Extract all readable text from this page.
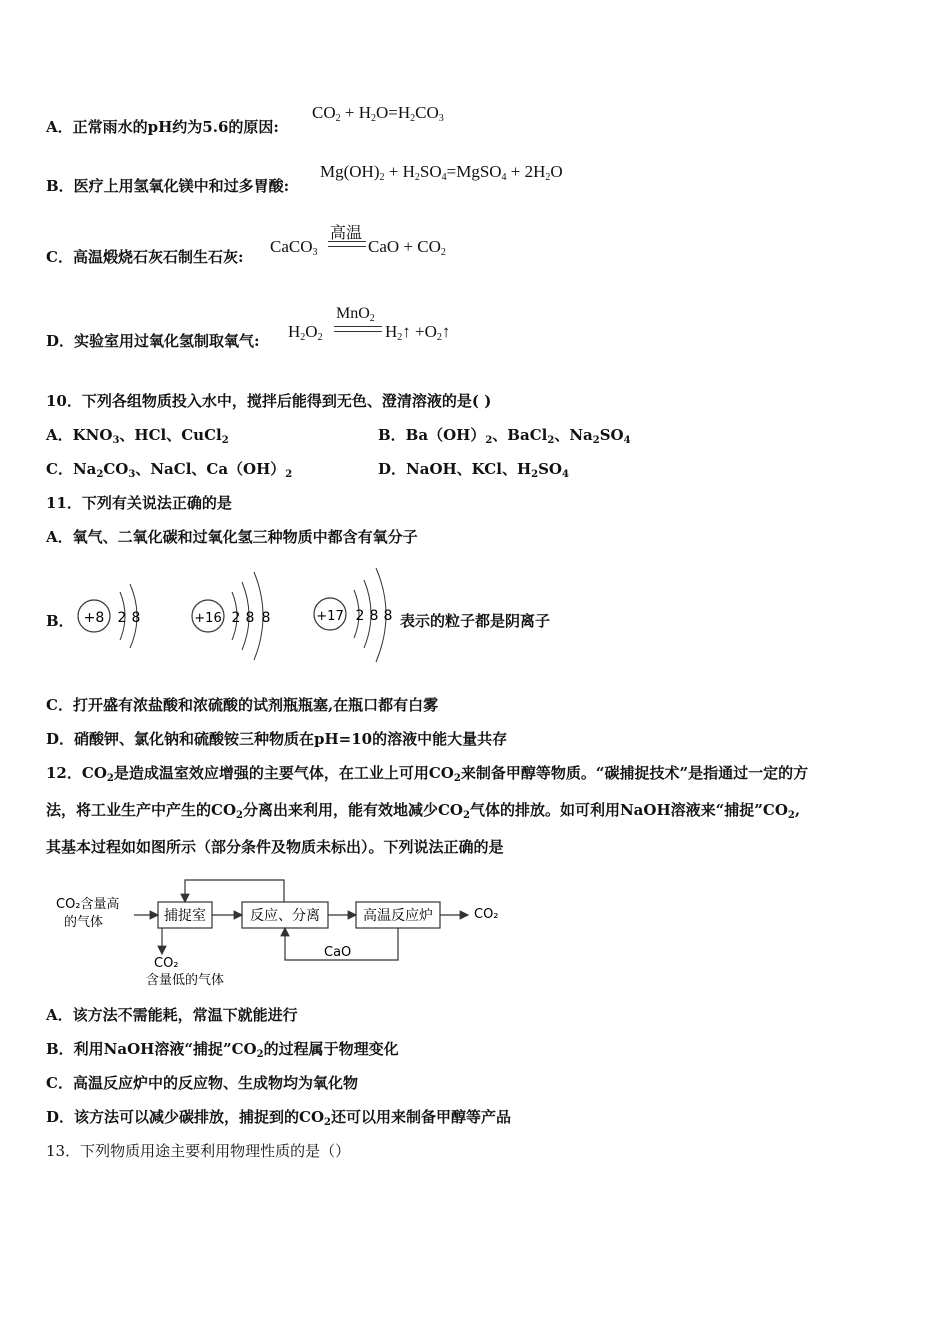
A．正常雨水的pH约为5.6的原因:
$CO_2 + H_2O=H_2CO_3$
B．医疗上用氢氧化镁中和过多胃酸:
$Mg(OH)_2$ + $H_2SO_4=MgSO_4 + 2H_2O$
C．高温煅烧石灰石制生石灰:
CaCO$_3$
高温
CaO + $CO_2$
D．实验室用过氧化氢制取氧气: $H_2O_2$
MnO$_2$
$H_2↑$ $+O_2↑$
10．下列各组物质投入水中，搅拌后能得到无色、澄清溶液的是( )
A．$KNO_3$、HCl、CuCl$_2$	B．$Ba(OH)_2$、BaCl$_2$、$Na_2SO_4$
C．$Na_2CO_3$、NaCl、$Ca(OH)_2$	D．NaOH、KCl、$H_2SO_4$
11．下列有关说法正确的是
A．氧气、二氧化碳和过氧化氢三种物质中都含有氧分子
B． +8 2 8	+16 2 8 8	+17 2 8 8 表示的粒子都是阴离子
C．打开盛有浓盐酸和浓硫酸的试剂瓶瓶塞,在瓶口都有白雾
D．硝酸钾、氯化钠和硫酸铵三种物质在pH=10的溶液中能大量共存
12．$CO_2$是造成温室效应增强的主要气体，在工业上可用$CO_2$来制备甲醇等物质。“碳捕捉技术”是指通过一定的方
法，将工业生产中产生的$CO_2$分离出来利用，能有效地减少$CO_2$气体的排放。如可利用NaOH溶液来“捕捉$”CO_2$,
其基本过程如如图所示（部分条件及物质未标出）。下列说法正确的是
CO₂含量高
的气体	捕捉室	反应、分离	高温反应炉	CO₂
CaO
CO₂
含量低的气体
A．该方法不需能耗，常温下就能进行
B．利用NaOH溶液“捕捉$”CO_2$的过程属于物理变化
C．高温反应炉中的反应物、生成物均为氧化物
D．该方法可以减少碳排放，捕捉到的$CO_2$还可以用来制备甲醇等产品
13．下列物质用途主要利用物理性质的是（）
